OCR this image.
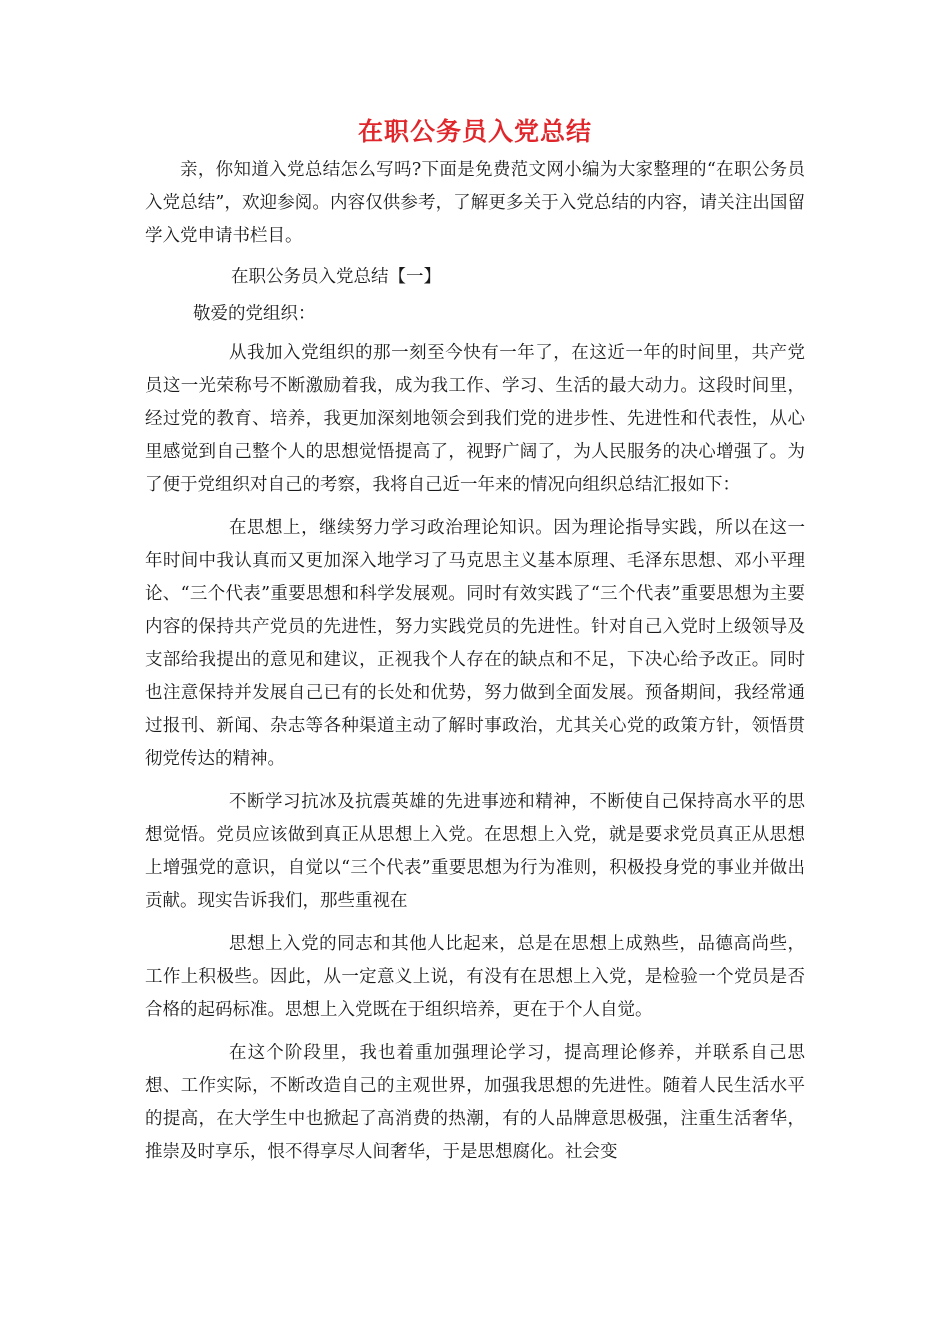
在职公务员入党总结

亲，你知道入党总结怎么写吗?下面是免费范文网小编为大家整理的“在职公务员入党总结”，欢迎参阅。内容仅供参考，了解更多关于入党总结的内容，请关注出国留学入党申请书栏目。

在职公务员入党总结【一】
敬爱的党组织：

从我加入党组织的那一刻至今快有一年了，在这近一年的时间里，共产党员这一光荣称号不断激励着我，成为我工作、学习、生活的最大动力。这段时间里，经过党的教育、培养，我更加深刻地领会到我们党的进步性、先进性和代表性，从心里感觉到自己整个人的思想觉悟提高了，视野广阔了，为人民服务的决心增强了。为了便于党组织对自己的考察，我将自己近一年来的情况向组织总结汇报如下：

在思想上，继续努力学习政治理论知识。因为理论指导实践，所以在这一年时间中我认真而又更加深入地学习了马克思主义基本原理、毛泽东思想、邓小平理论、“三个代表”重要思想和科学发展观。同时有效实践了“三个代表”重要思想为主要内容的保持共产党员的先进性，努力实践党员的先进性。针对自己入党时上级领导及支部给我提出的意见和建议，正视我个人存在的缺点和不足，下决心给予改正。同时也注意保持并发展自己已有的长处和优势，努力做到全面发展。预备期间，我经常通过报刊、新闻、杂志等各种渠道主动了解时事政治，尤其关心党的政策方针，领悟贯彻党传达的精神。

不断学习抗冰及抗震英雄的先进事迹和精神，不断使自己保持高水平的思想觉悟。党员应该做到真正从思想上入党。在思想上入党，就是要求党员真正从思想上增强党的意识，自觉以“三个代表”重要思想为行为准则，积极投身党的事业并做出贡献。现实告诉我们，那些重视在

思想上入党的同志和其他人比起来，总是在思想上成熟些，品德高尚些，工作上积极些。因此，从一定意义上说，有没有在思想上入党，是检验一个党员是否合格的起码标准。思想上入党既在于组织培养，更在于个人自觉。

在这个阶段里，我也着重加强理论学习，提高理论修养，并联系自己思想、工作实际，不断改造自己的主观世界，加强我思想的先进性。随着人民生活水平的提高，在大学生中也掀起了高消费的热潮，有的人品牌意思极强，注重生活奢华，推崇及时享乐，恨不得享尽人间奢华，于是思想腐化。社会变
